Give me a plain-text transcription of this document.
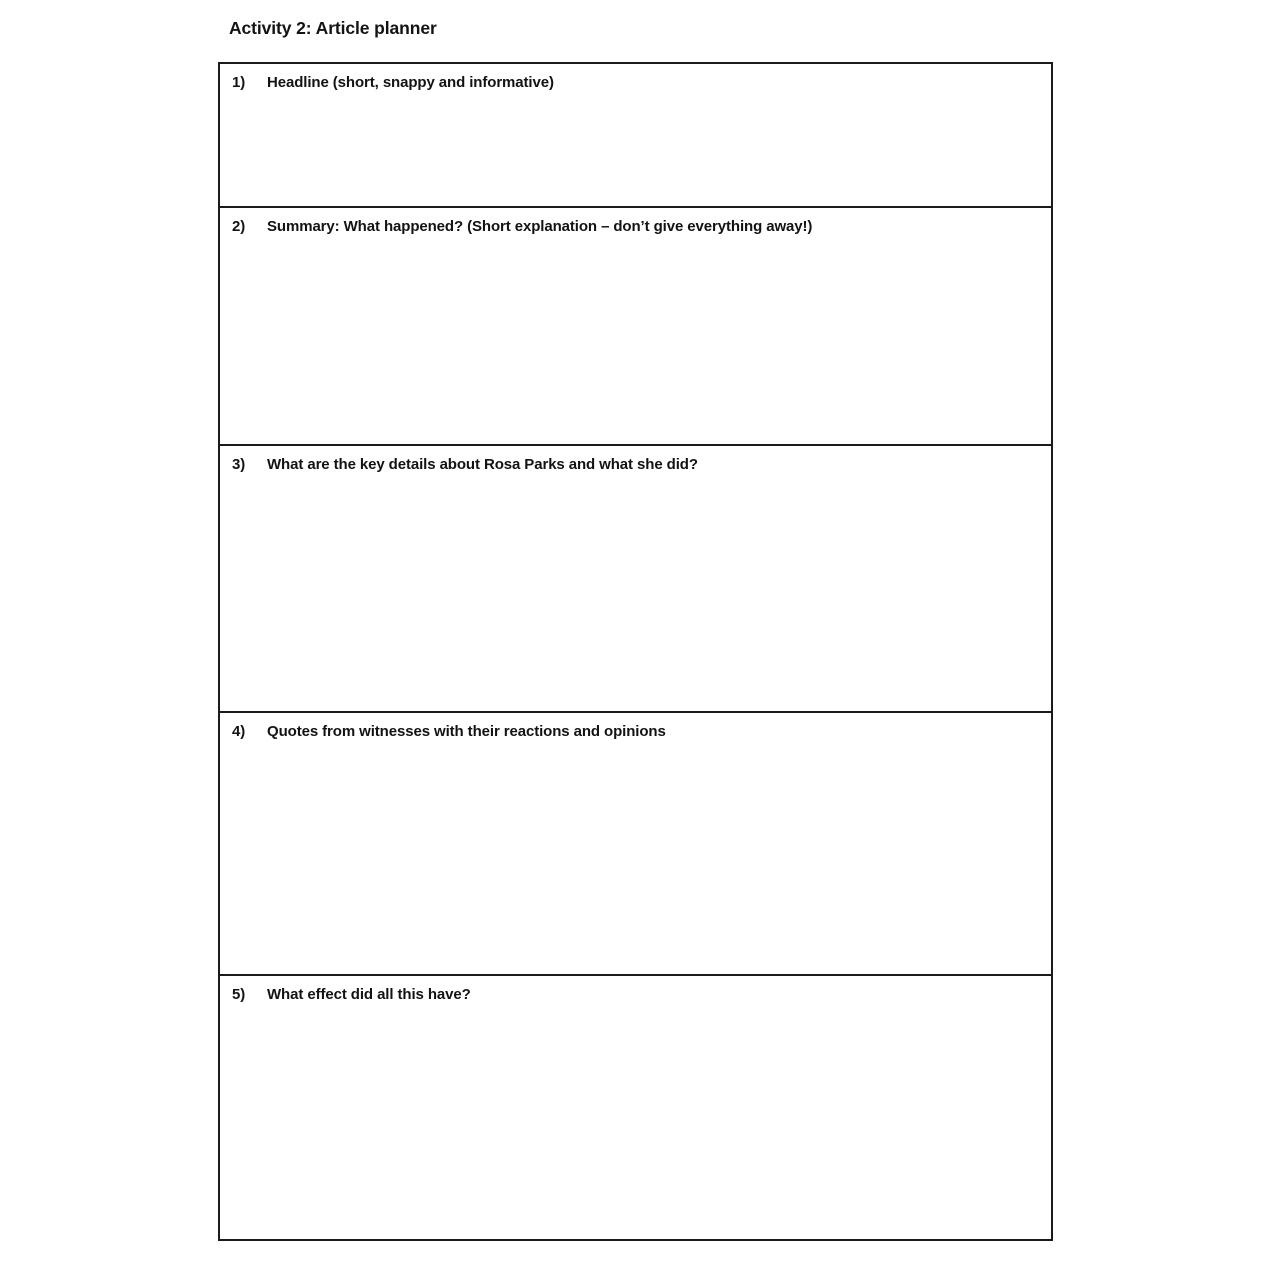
Activity 2: Article planner
1)	Headline (short, snappy and informative)

2)	Summary: What happened? (Short explanation – don’t give everything away!)

3)	What are the key details about Rosa Parks and what she did?

4)	Quotes from witnesses with their reactions and opinions

5)	What effect did all this have?
